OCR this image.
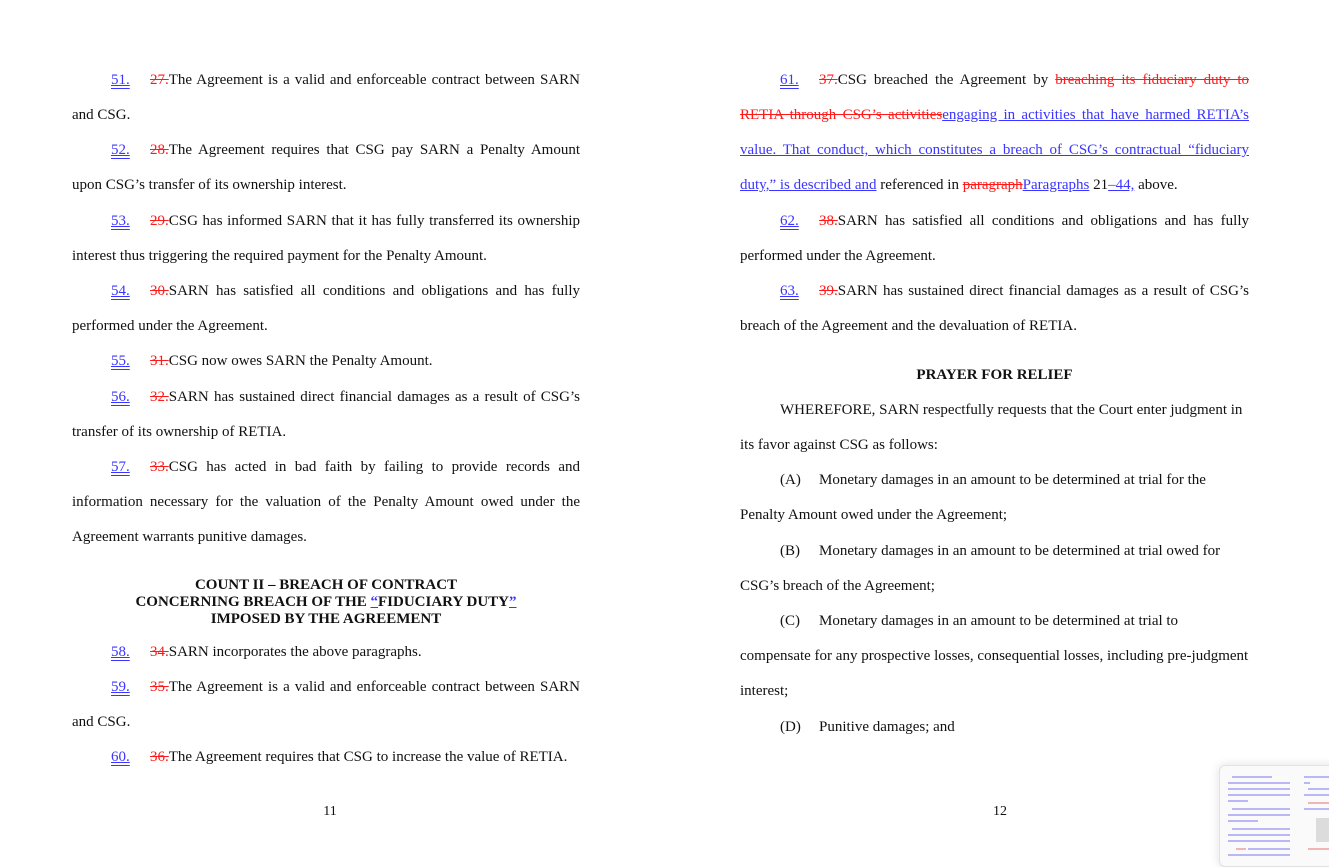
51. 27.The Agreement is a valid and enforceable contract between SARN
and CSG.
52. 28.The Agreement requires that CSG pay SARN a Penalty Amount
upon CSG’s transfer of its ownership interest.
53. 29.CSG has informed SARN that it has fully transferred its ownership
interest thus triggering the required payment for the Penalty Amount.
54. 30.SARN has satisfied all conditions and obligations and has fully
performed under the Agreement.
55. 31.CSG now owes SARN the Penalty Amount.
56. 32.SARN has sustained direct financial damages as a result of CSG’s
transfer of its ownership of RETIA.
57. 33.CSG has acted in bad faith by failing to provide records and
information necessary for the valuation of the Penalty Amount owed under the
Agreement warrants punitive damages.
COUNT II – BREACH OF CONTRACT
CONCERNING BREACH OF THE “FIDUCIARY DUTY”
IMPOSED BY THE AGREEMENT
58. 34.SARN incorporates the above paragraphs.
59. 35.The Agreement is a valid and enforceable contract between SARN
and CSG.
60. 36.The Agreement requires that CSG to increase the value of RETIA.
11
61. 37.CSG breached the Agreement by breaching its fiduciary duty to
RETIA through CSG’s activitiesengaging in activities that have harmed RETIA’s
value. That conduct, which constitutes a breach of CSG’s contractual “fiduciary
duty,” is described and referenced in paragraphParagraphs 21–44, above.
62. 38.SARN has satisfied all conditions and obligations and has fully
performed under the Agreement.
63. 39.SARN has sustained direct financial damages as a result of CSG’s
breach of the Agreement and the devaluation of RETIA.
PRAYER FOR RELIEF
WHEREFORE, SARN respectfully requests that the Court enter judgment in
its favor against CSG as follows:
(A) Monetary damages in an amount to be determined at trial for the
Penalty Amount owed under the Agreement;
(B) Monetary damages in an amount to be determined at trial owed for
CSG’s breach of the Agreement;
(C) Monetary damages in an amount to be determined at trial to
compensate for any prospective losses, consequential losses, including pre-judgment
interest;
(D) Punitive damages; and
12
